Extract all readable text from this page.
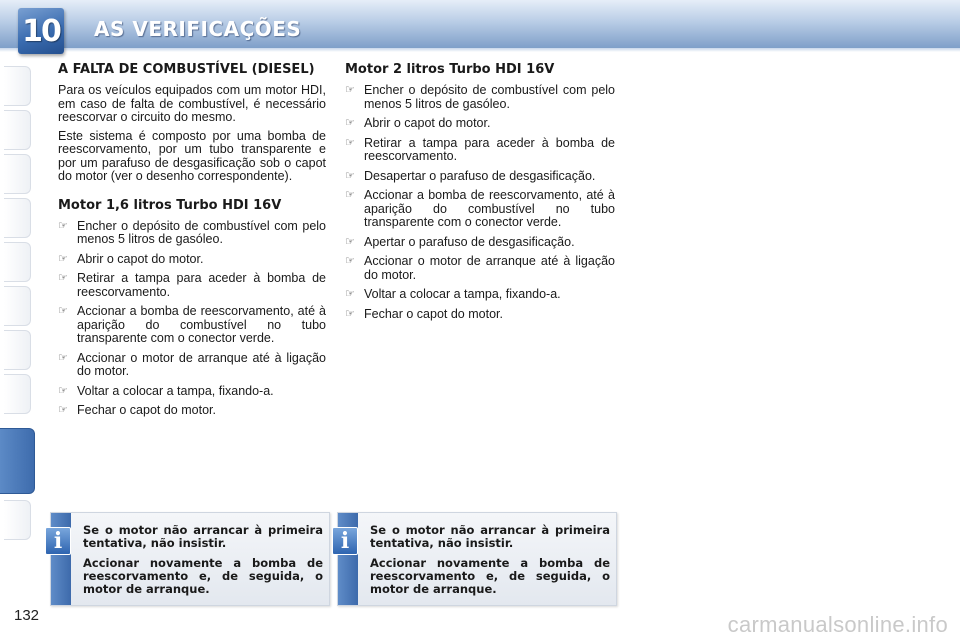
10 AS VERIFICAÇÕES
A FALTA DE COMBUSTÍVEL (DIESEL)

Para os veículos equipados com um motor HDI, em caso de falta de combustível, é necessário reescorvar o circuito do mesmo.

Este sistema é composto por uma bomba de reescorvamento, por um tubo transparente e por um parafuso de desgasificação sob o capot do motor (ver o desenho correspondente).

Motor 1,6 litros Turbo HDI 16V
☞ Encher o depósito de combustível com pelo menos 5 litros de gasóleo.
☞ Abrir o capot do motor.
☞ Retirar a tampa para aceder à bomba de reescorvamento.
☞ Accionar a bomba de reescorvamento, até à aparição do combustível no tubo transparente com o conector verde.
☞ Accionar o motor de arranque até à ligação do motor.
☞ Voltar a colocar a tampa, fixando-a.
☞ Fechar o capot do motor.
Motor 2 litros Turbo HDI 16V
☞ Encher o depósito de combustível com pelo menos 5 litros de gasóleo.
☞ Abrir o capot do motor.
☞ Retirar a tampa para aceder à bomba de reescorvamento.
☞ Desapertar o parafuso de desgasificação.
☞ Accionar a bomba de reescorvamento, até à aparição do combustível no tubo transparente com o conector verde.
☞ Apertar o parafuso de desgasificação.
☞ Accionar o motor de arranque até à ligação do motor.
☞ Voltar a colocar a tampa, fixando-a.
☞ Fechar o capot do motor.
i	Se o motor não arrancar à primeira tentativa, não insistir.

Accionar novamente a bomba de reescorvamento e, de seguida, o motor de arranque.

i	Se o motor não arrancar à primeira tentativa, não insistir.

Accionar novamente a bomba de reescorvamento e, de seguida, o motor de arranque.

132	carmanualsonline.info
